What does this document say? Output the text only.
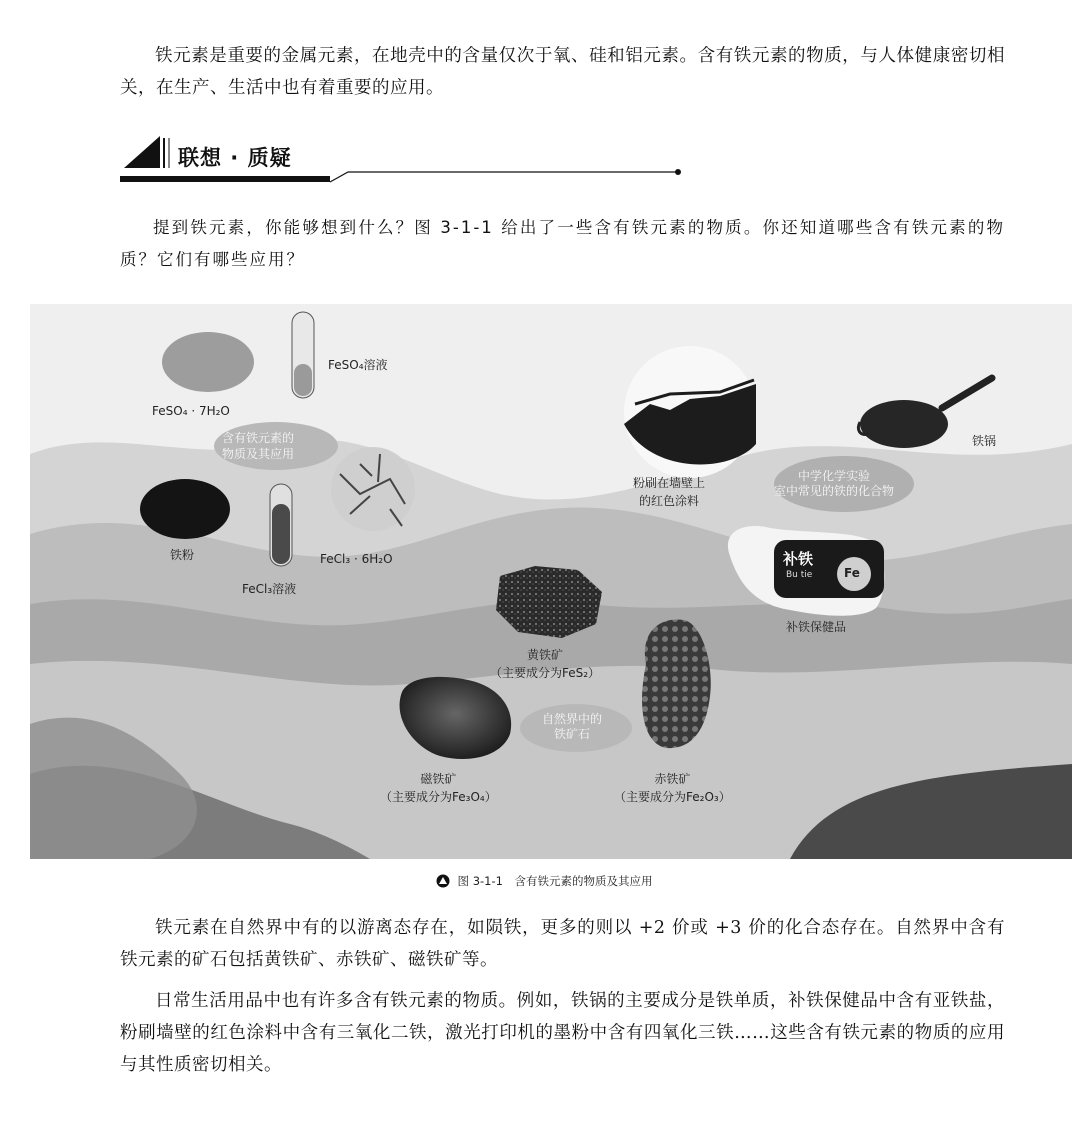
铁元素是重要的金属元素，在地壳中的含量仅次于氧、硅和铝元素。含有铁元素的物质，与人体健康密切相关，在生产、生活中也有着重要的应用。

联想 · 质疑

提到铁元素，你能够想到什么？图 3-1-1 给出了一些含有铁元素的物质。你还知道哪些含有铁元素的物质？它们有哪些应用？

FeSO₄溶液
FeSO₄ · 7H₂O
含有铁元素的
物质及其应用
铁粉	FeCl₃ · 6H₂O
FeCl₃溶液
粉刷在墙壁上
的红色涂料
中学化学实验
室中常见的铁的化合物
铁锅
补铁
Bu tie	Fe
补铁保健品
黄铁矿
（主要成分为FeS₂）
磁铁矿
（主要成分为Fe₃O₄）
赤铁矿
（主要成分为Fe₂O₃）
自然界中的
铁矿石
图 3-1-1　含有铁元素的物质及其应用

铁元素在自然界中有的以游离态存在，如陨铁，更多的则以 +2 价或 +3 价的化合态存在。自然界中含有铁元素的矿石包括黄铁矿、赤铁矿、磁铁矿等。

日常生活用品中也有许多含有铁元素的物质。例如，铁锅的主要成分是铁单质，补铁保健品中含有亚铁盐，粉刷墙壁的红色涂料中含有三氧化二铁，激光打印机的墨粉中含有四氧化三铁……这些含有铁元素的物质的应用与其性质密切相关。
